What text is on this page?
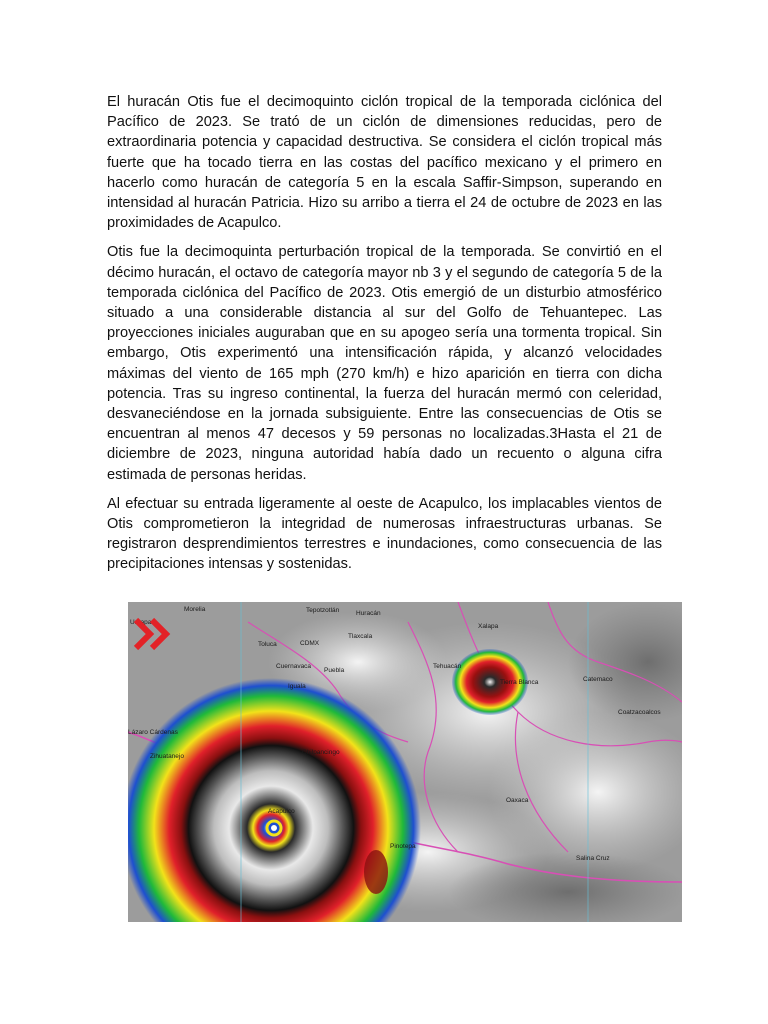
El huracán Otis fue el decimoquinto ciclón tropical de la temporada ciclónica del Pacífico de 2023. Se trató de un ciclón de dimensiones reducidas, pero de extraordinaria potencia y capacidad destructiva. Se considera el ciclón tropical más fuerte que ha tocado tierra en las costas del pacífico mexicano y el primero en hacerlo como huracán de categoría 5 en la escala Saffir-Simpson, superando en intensidad al huracán Patricia. Hizo su arribo a tierra el 24 de octubre de 2023 en las proximidades de Acapulco.

Otis fue la decimoquinta perturbación tropical de la temporada. Se convirtió en el décimo huracán, el octavo de categoría mayor nb 3 y el segundo de categoría 5 de la temporada ciclónica del Pacífico de 2023. Otis emergió de un disturbio atmosférico situado a una considerable distancia al sur del Golfo de Tehuantepec. Las proyecciones iniciales auguraban que en su apogeo sería una tormenta tropical. Sin embargo, Otis experimentó una intensificación rápida, y alcanzó velocidades máximas del viento de 165 mph (270 km/h) e hizo aparición en tierra con dicha potencia. Tras su ingreso continental, la fuerza del huracán mermó con celeridad, desvaneciéndose en la jornada subsiguiente. Entre las consecuencias de Otis se encuentran al menos 47 decesos y 59 personas no localizadas.3Hasta el 21 de diciembre de 2023, ninguna autoridad había dado un recuento o alguna cifra estimada de personas heridas.

Al efectuar su entrada ligeramente al oeste de Acapulco, los implacables vientos de Otis comprometieron la integridad de numerosas infraestructuras urbanas. Se registraron desprendimientos terrestres e inundaciones, como consecuencia de las precipitaciones intensas y sostenidas.

Morelia
Uruapan
Toluca	CDMX
Tlaxcala
Tepotzotlán	Huracán
Cuernavaca
Puebla
Iguala
Lázaro Cárdenas
Zihuatanejo
Chilpancingo
Acapulco
Pinotepa
Oaxaca
Salina Cruz
Tehuacán
Tierra Blanca
Xalapa
Catemaco
Coatzacoalcos
